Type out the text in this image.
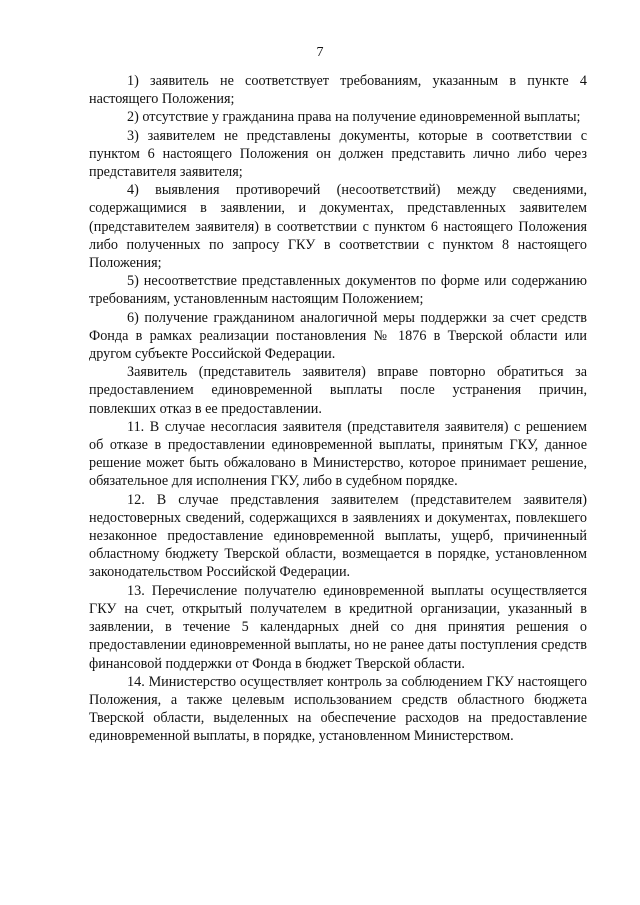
7

1) заявитель не соответствует требованиям, указанным в пункте 4 настоящего Положения;

2) отсутствие у гражданина права на получение единовременной выплаты;

3) заявителем не представлены документы, которые в соответствии с пунктом 6 настоящего Положения он должен представить лично либо через представителя заявителя;

4) выявления противоречий (несоответствий) между сведениями, содержащимися в заявлении, и документах, представленных заявителем (представителем заявителя) в соответствии с пунктом 6 настоящего Положения либо полученных по запросу ГКУ в соответствии с пунктом 8 настоящего Положения;

5) несоответствие представленных документов по форме или содержанию требованиям, установленным настоящим Положением;

6) получение гражданином аналогичной меры поддержки за счет средств Фонда в рамках реализации постановления № 1876 в Тверской области или другом субъекте Российской Федерации.

Заявитель (представитель заявителя) вправе повторно обратиться за предоставлением единовременной выплаты после устранения причин, повлекших отказ в ее предоставлении.

11. В случае несогласия заявителя (представителя заявителя) с решением об отказе в предоставлении единовременной выплаты, принятым ГКУ, данное решение может быть обжаловано в Министерство, которое принимает решение, обязательное для исполнения ГКУ, либо в судебном порядке.

12. В случае представления заявителем (представителем заявителя) недостоверных сведений, содержащихся в заявлениях и документах, повлекшего незаконное предоставление единовременной выплаты, ущерб, причиненный областному бюджету Тверской области, возмещается в порядке, установленном законодательством Российской Федерации.

13. Перечисление получателю единовременной выплаты осуществляется ГКУ на счет, открытый получателем в кредитной организации, указанный в заявлении, в течение 5 календарных дней со дня принятия решения о предоставлении единовременной выплаты, но не ранее даты поступления средств финансовой поддержки от Фонда в бюджет Тверской области.

14. Министерство осуществляет контроль за соблюдением ГКУ настоящего Положения, а также целевым использованием средств областного бюджета Тверской области, выделенных на обеспечение расходов на предоставление единовременной выплаты, в порядке, установленном Министерством.
